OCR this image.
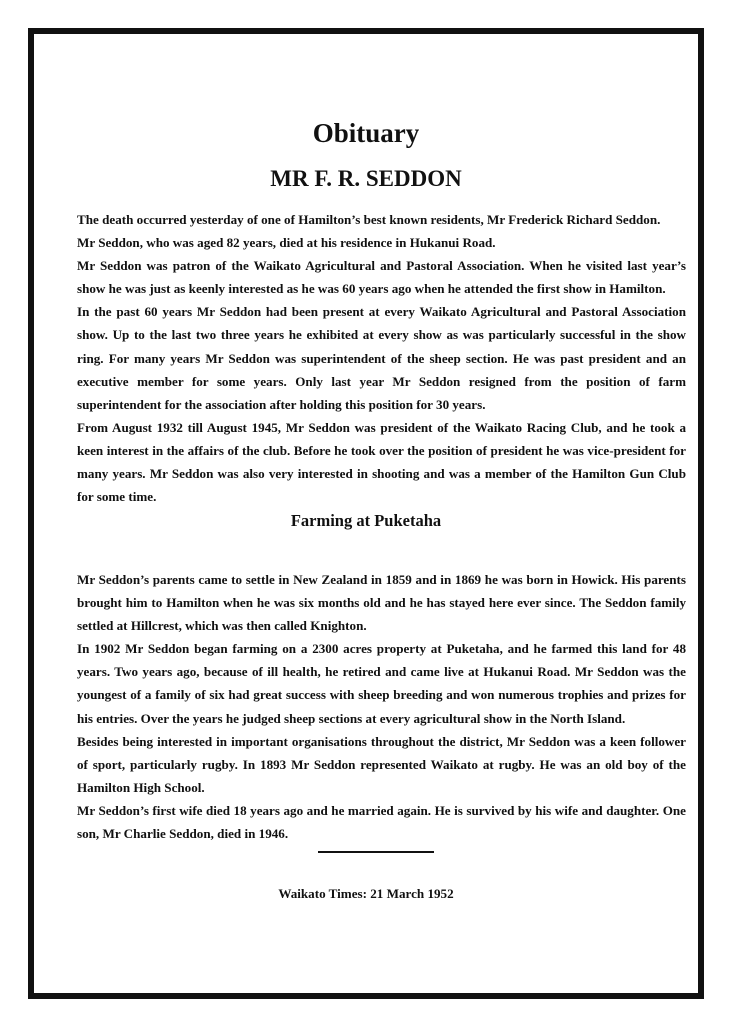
Obituary
MR F. R. SEDDON

The death occurred yesterday of one of Hamilton’s best known residents, Mr Frederick Richard Seddon.

Mr Seddon, who was aged 82 years, died at his residence in Hukanui Road.

Mr Seddon was patron of the Waikato Agricultural and Pastoral Association. When he visited last year’s show he was just as keenly interested as he was 60 years ago when he attended the first show in Hamilton.

In the past 60 years Mr Seddon had been present at every Waikato Agricultural and Pastoral Association show. Up to the last two three years he exhibited at every show as was particularly successful in the show ring. For many years Mr Seddon was superintendent of the sheep section. He was past president and an executive member for some years. Only last year Mr Seddon resigned from the position of farm superintendent for the association after holding this position for 30 years.

From August 1932 till August 1945, Mr Seddon was president of the Waikato Racing Club, and he took a keen interest in the affairs of the club. Before he took over the position of president he was vice-president for many years. Mr Seddon was also very interested in shooting and was a member of the Hamilton Gun Club for some time.

Farming at Puketaha

Mr Seddon’s parents came to settle in New Zealand in 1859 and in 1869 he was born in Howick. His parents brought him to Hamilton when he was six months old and he has stayed here ever since. The Seddon family settled at Hillcrest, which was then called Knighton.

In 1902 Mr Seddon began farming on a 2300 acres property at Puketaha, and he farmed this land for 48 years. Two years ago, because of ill health, he retired and came live at Hukanui Road. Mr Seddon was the youngest of a family of six had great success with sheep breeding and won numerous trophies and prizes for his entries. Over the years he judged sheep sections at every agricultural show in the North Island.

Besides being interested in important organisations throughout the district, Mr Seddon was a keen follower of sport, particularly rugby. In 1893 Mr Seddon represented Waikato at rugby. He was an old boy of the Hamilton High School.

Mr Seddon’s first wife died 18 years ago and he married again. He is survived by his wife and daughter. One son, Mr Charlie Seddon, died in 1946.

Waikato Times: 21 March 1952
